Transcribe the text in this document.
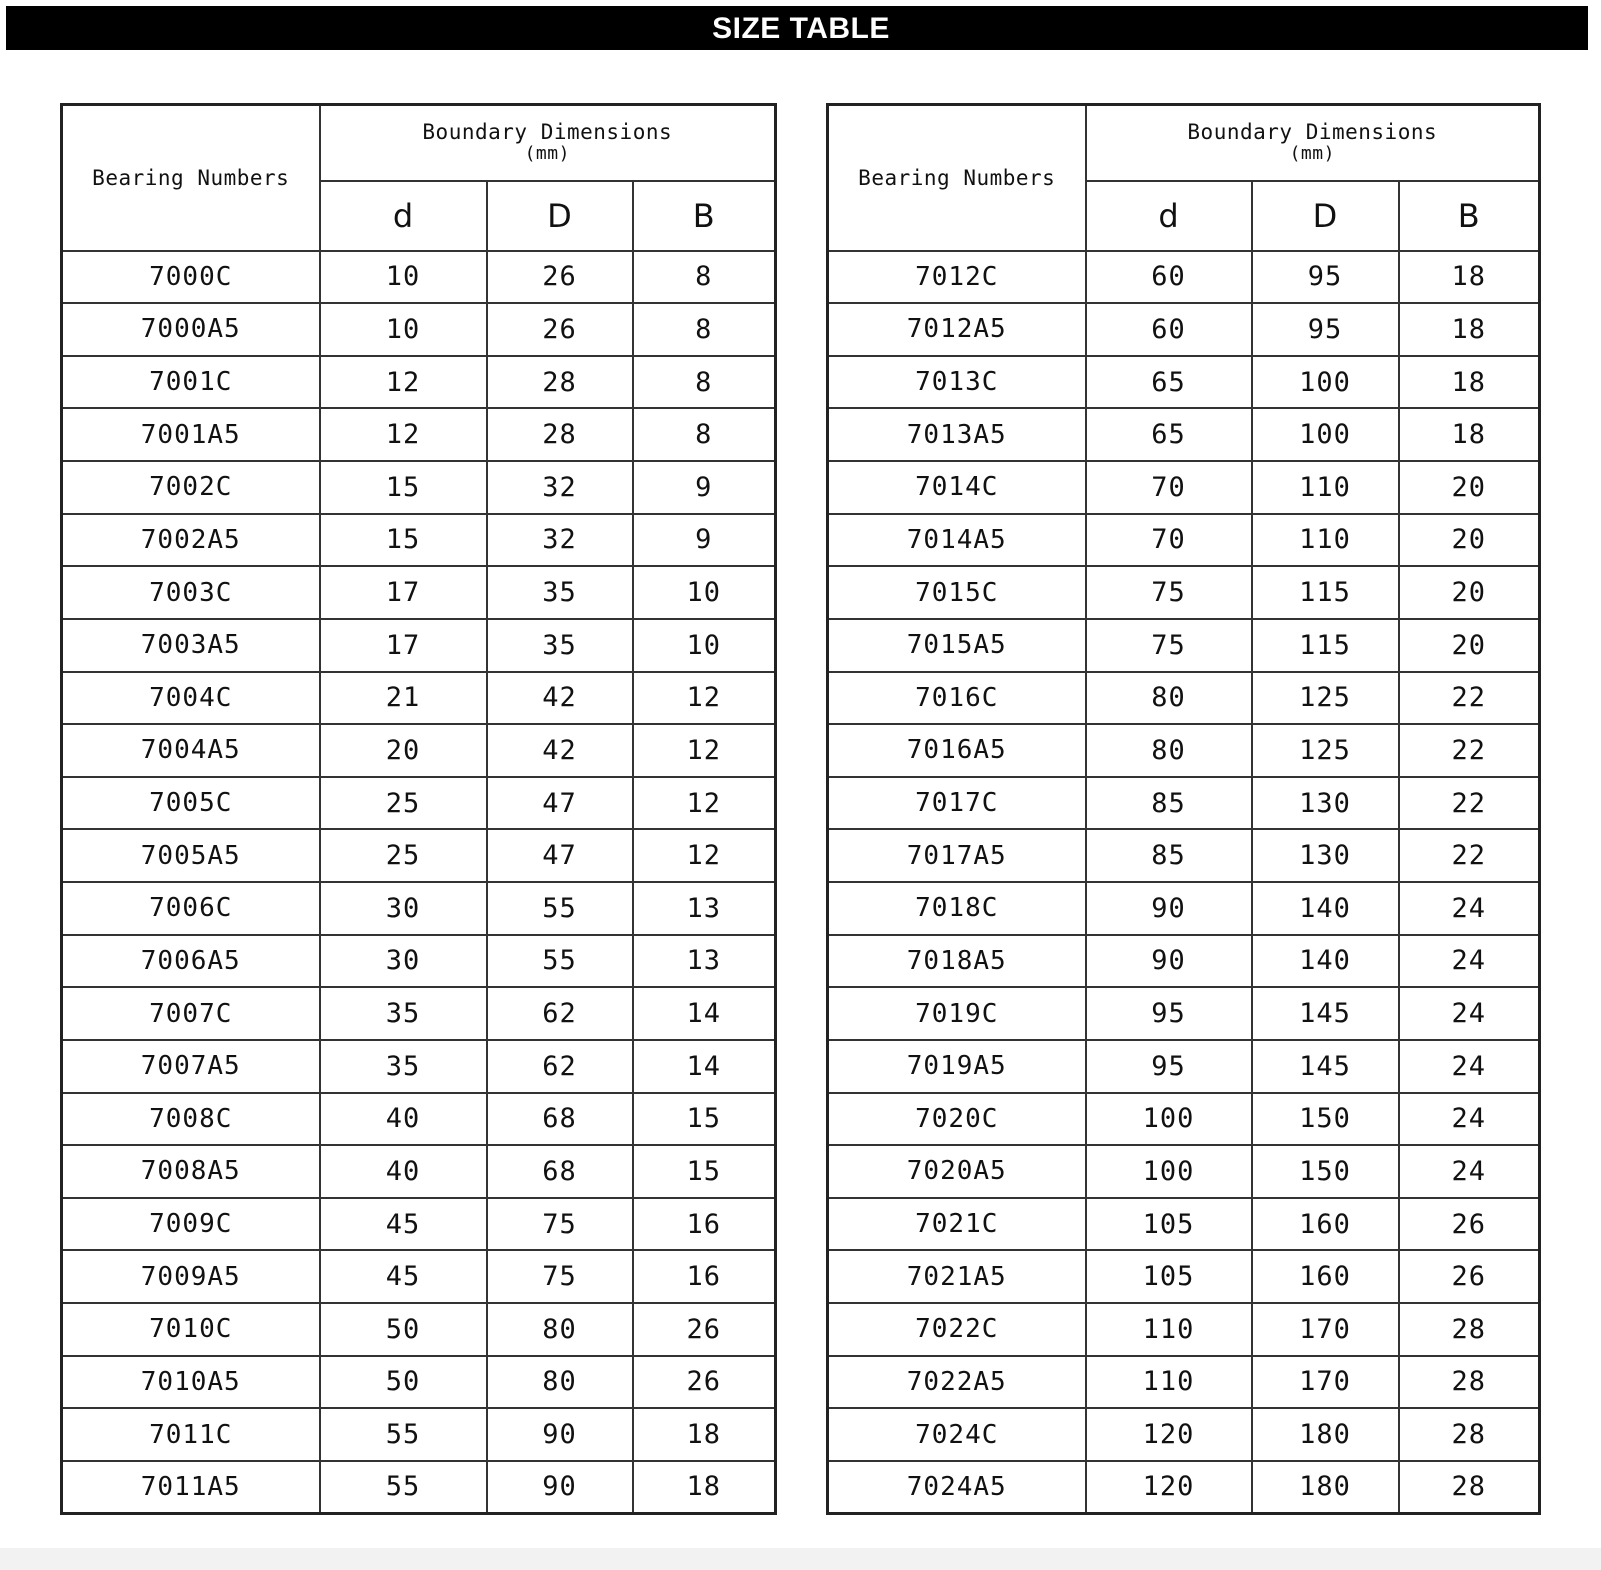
SIZE TABLE
Bearing Numbers	Boundary Dimensions
(mm)		

	d	D	B
7000C	10	26	8
7000A5	10	26	8
7001C	12	28	8
7001A5	12	28	8
7002C	15	32	9
7002A5	15	32	9
7003C	17	35	10
7003A5	17	35	10
7004C	21	42	12
7004A5	20	42	12
7005C	25	47	12
7005A5	25	47	12
7006C	30	55	13
7006A5	30	55	13
7007C	35	62	14
7007A5	35	62	14
7008C	40	68	15
7008A5	40	68	15
7009C	45	75	16
7009A5	45	75	16
7010C	50	80	26
7010A5	50	80	26
7011C	55	90	18
7011A5	55	90	18
Bearing Numbers	Boundary Dimensions
(mm)		

	d	D	B
7012C	60	95	18
7012A5	60	95	18
7013C	65	100	18
7013A5	65	100	18
7014C	70	110	20
7014A5	70	110	20
7015C	75	115	20
7015A5	75	115	20
7016C	80	125	22
7016A5	80	125	22
7017C	85	130	22
7017A5	85	130	22
7018C	90	140	24
7018A5	90	140	24
7019C	95	145	24
7019A5	95	145	24
7020C	100	150	24
7020A5	100	150	24
7021C	105	160	26
7021A5	105	160	26
7022C	110	170	28
7022A5	110	170	28
7024C	120	180	28
7024A5	120	180	28
